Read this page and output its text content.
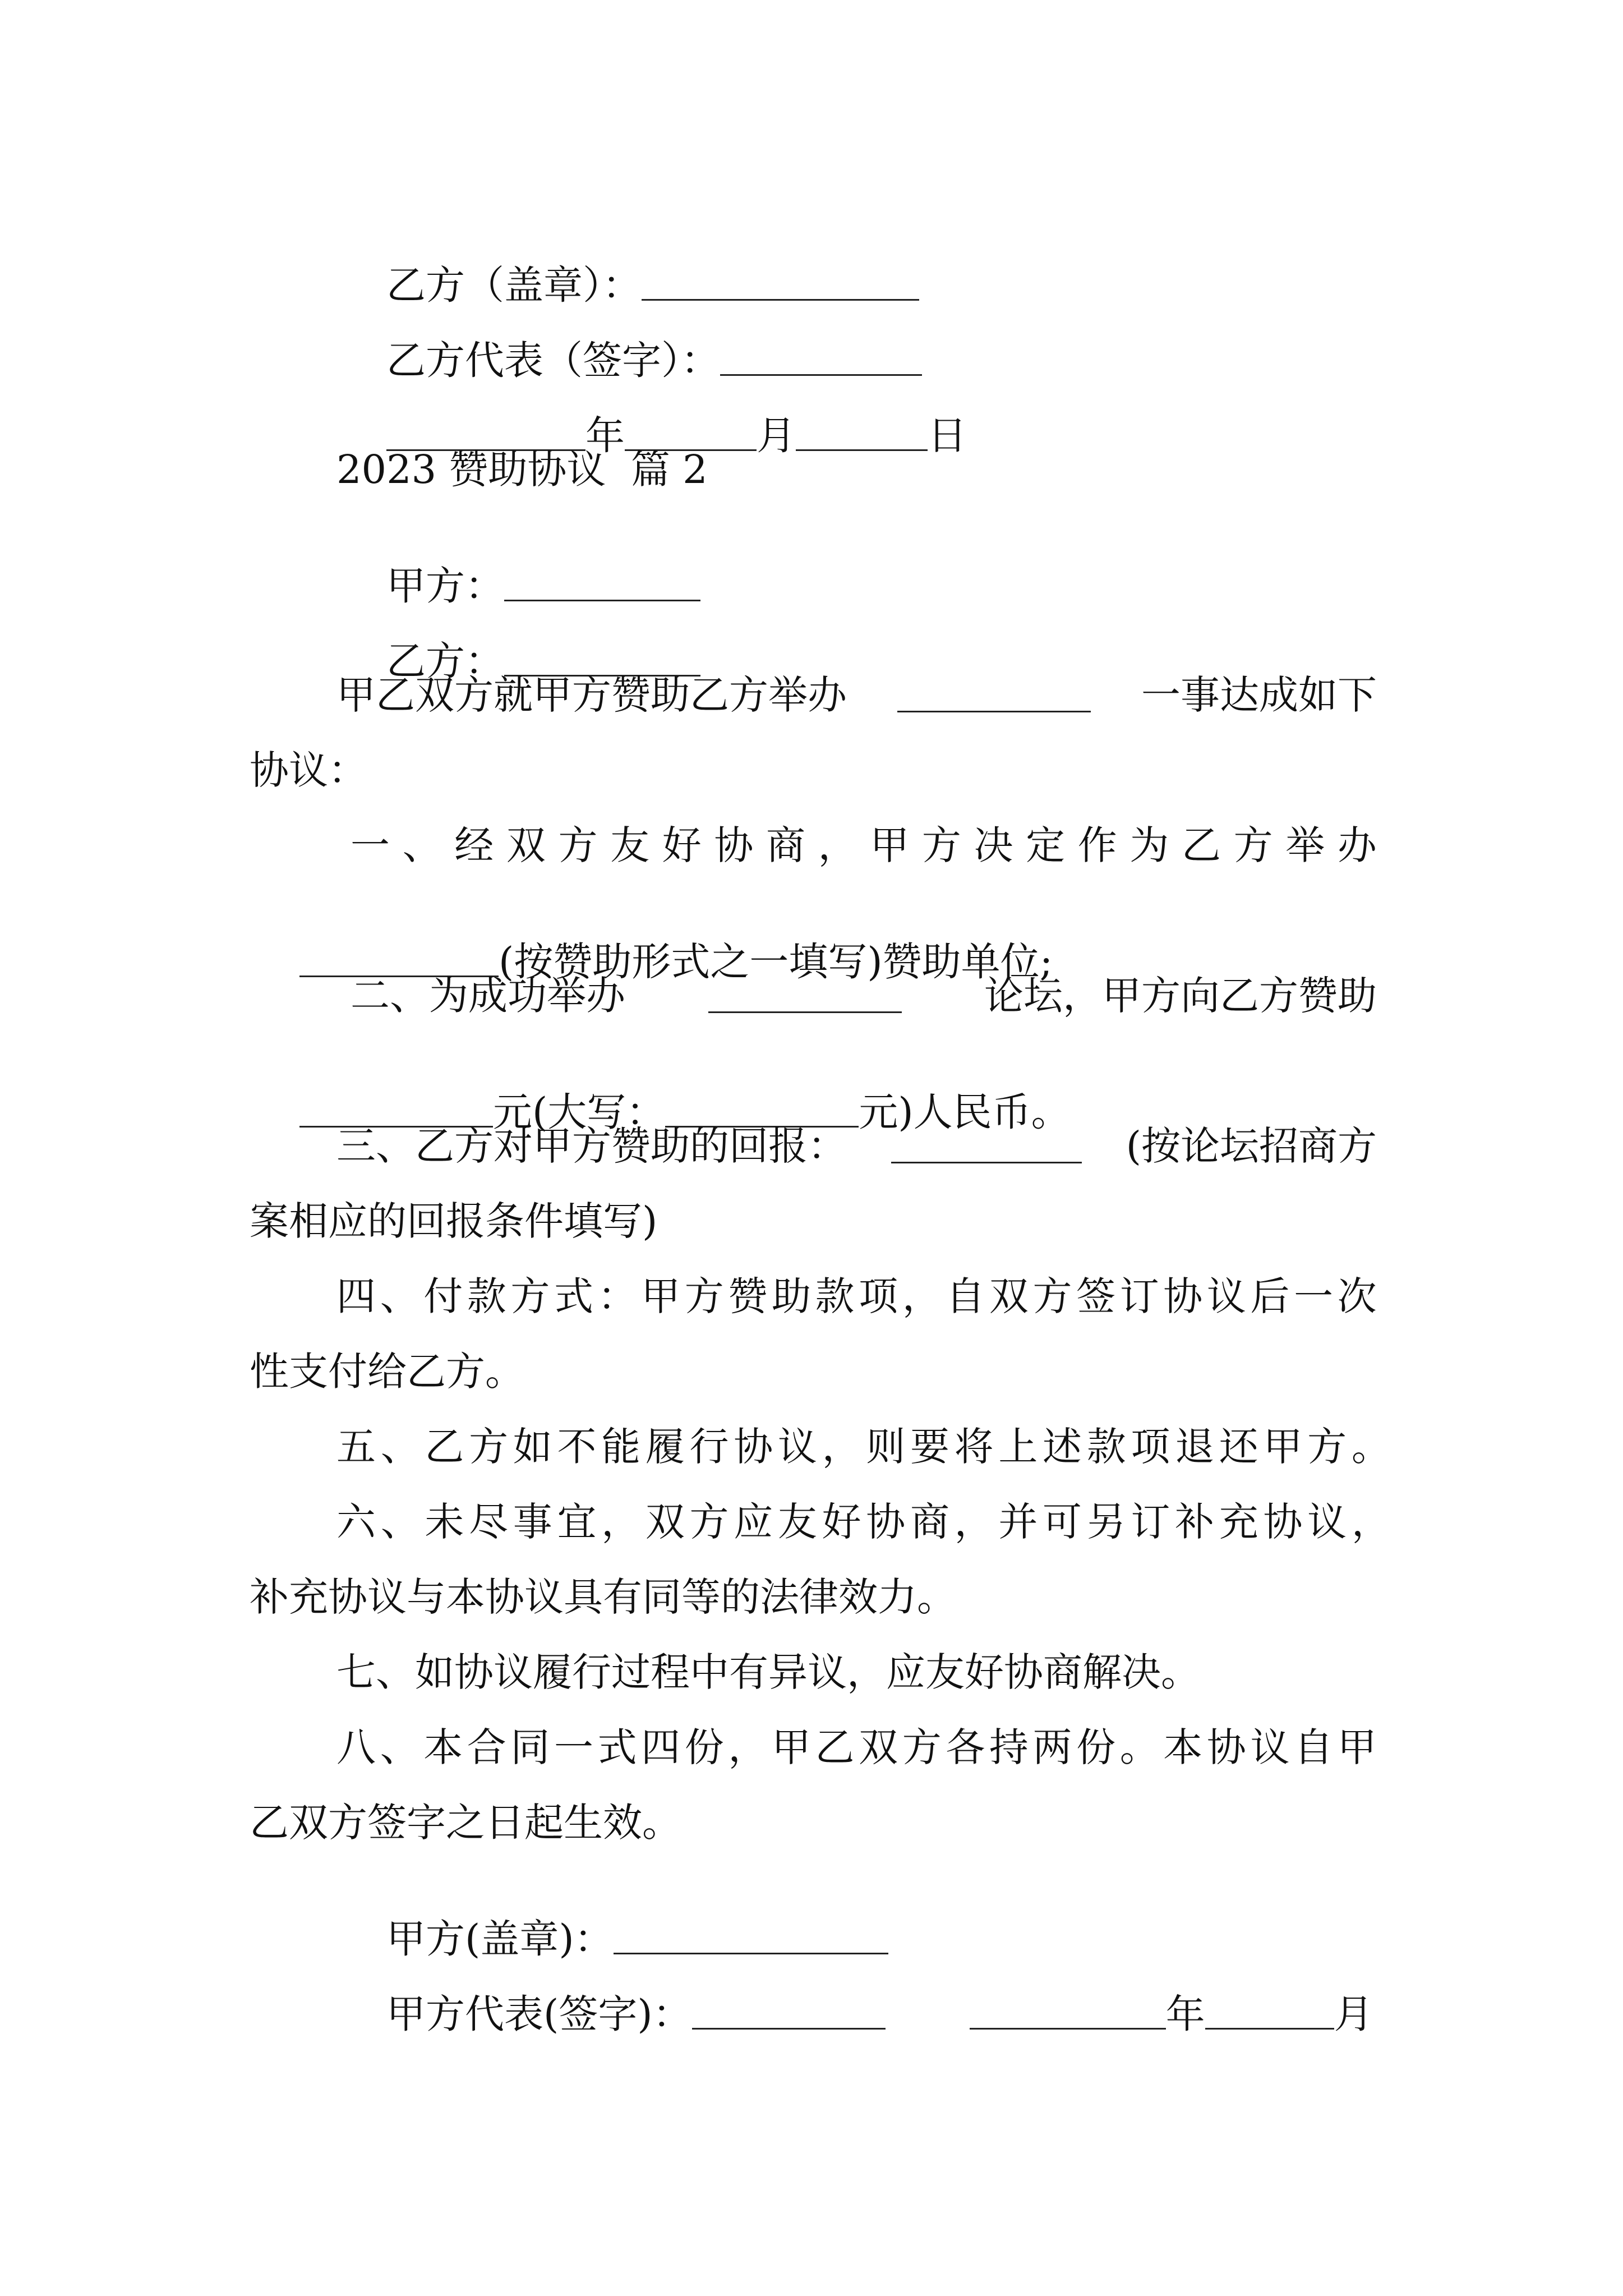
乙方（盖章）：

乙方代表（签字）：

年	月	日

2023 赞助协议  篇 2

甲方：

乙方：

甲乙双方就甲方赞助乙方举办	一事达成如下
协议：
一 、 经 双 方 友 好 协 商 ， 甲 方 决 定 作 为 乙 方 举 办

(按赞助形式之一填写)赞助单位;

二、为成功举办	论坛，甲方向乙方赞助

元(大写：	元)人民币。

三、乙方对甲方赞助的回报：	(按论坛招商方
案相应的回报条件填写)
四 、 付 款 方 式 ： 甲 方 赞 助 款 项 ， 自 双 方 签 订 协 议 后 一 次
性支付给乙方。
五 、 乙 方 如 不 能 履 行 协 议 ， 则 要 将 上 述 款 项 退 还 甲 方 。
六 、 未 尽 事 宜 ， 双 方 应 友 好 协 商 ， 并 可 另 订 补 充 协 议 ，
补充协议与本协议具有同等的法律效力。
七、如协议履行过程中有异议，应友好协商解决。
八 、 本 合 同 一 式 四 份 ， 甲 乙 双 方 各 持 两 份 。 本 协 议 自 甲
乙双方签字之日起生效。

甲方(盖章)：

甲方代表(签字)：	年	月
